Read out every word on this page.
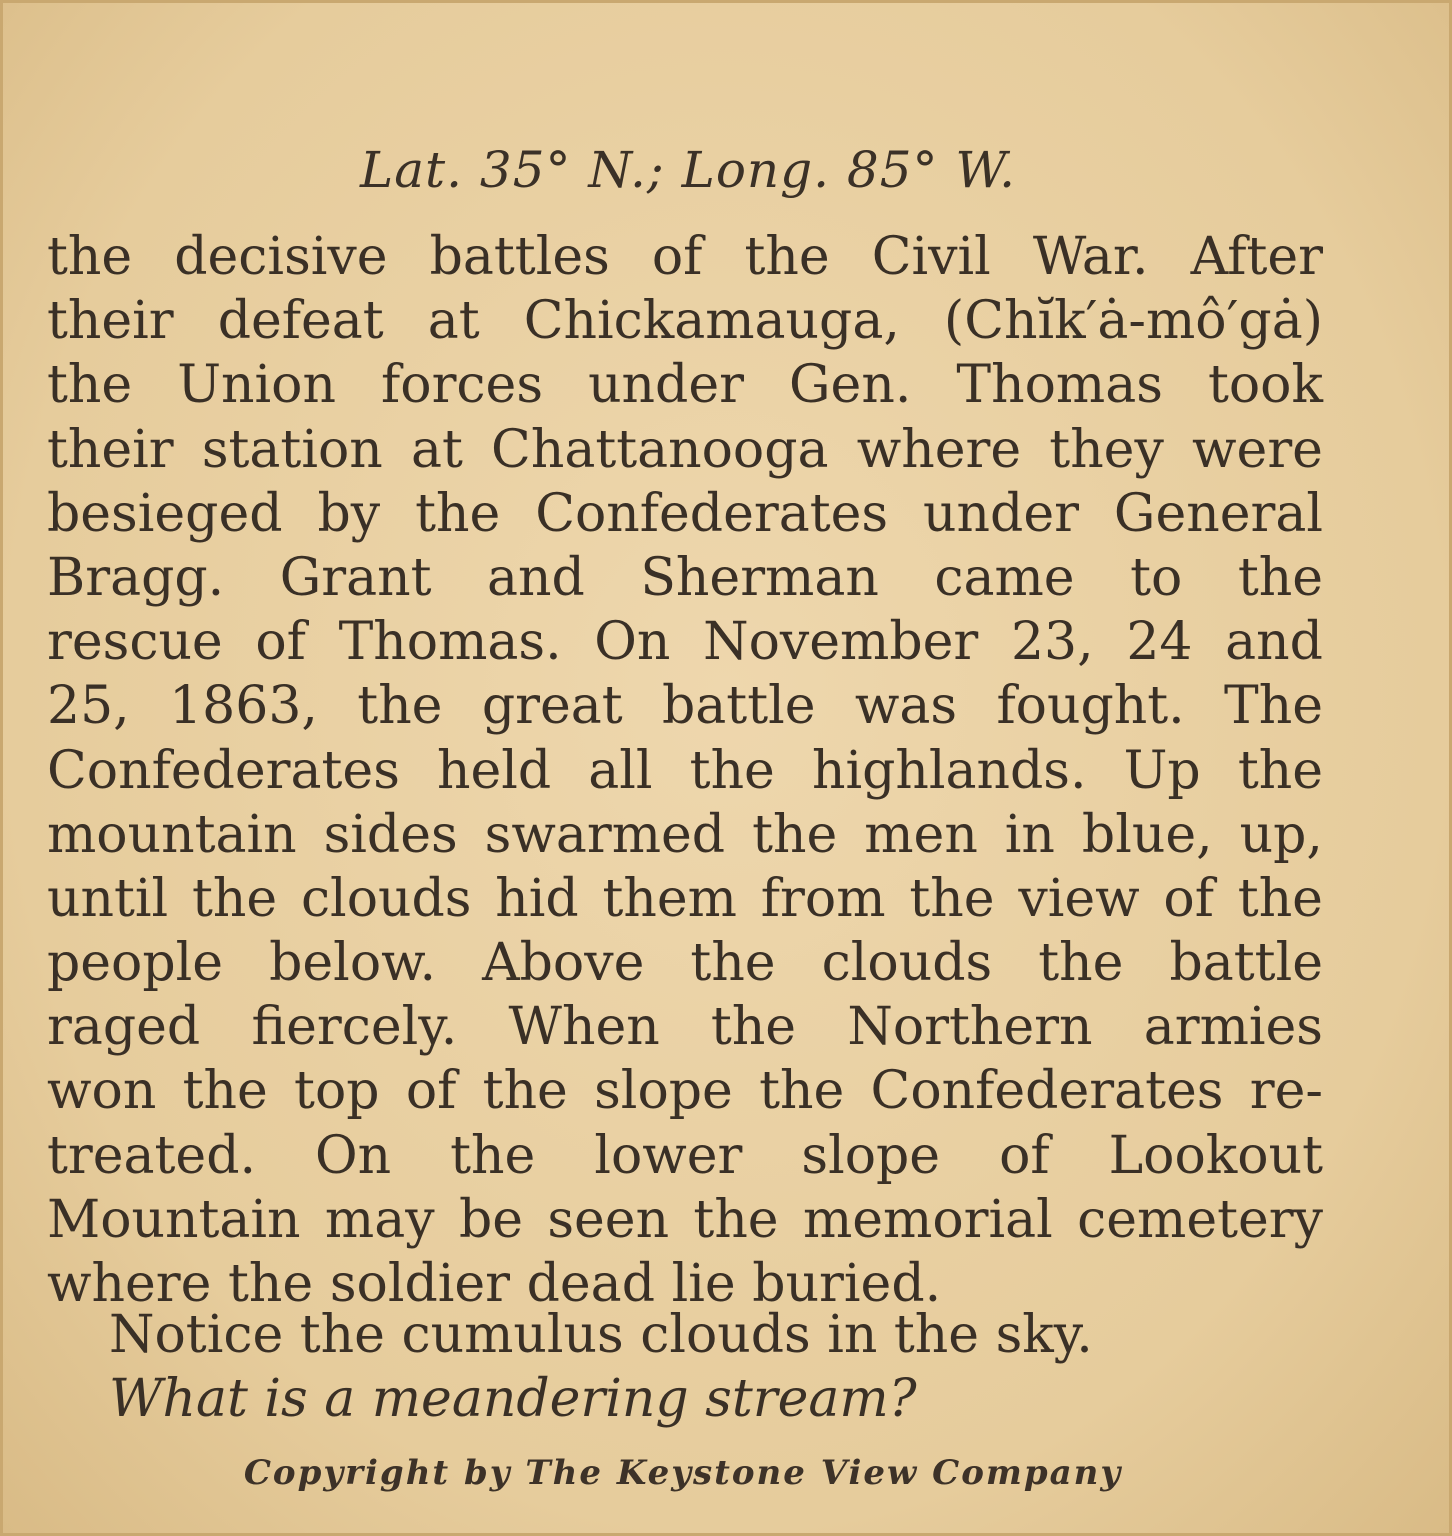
Lat. 35° N.; Long. 85° W.
the decisive battles of the Civil War. After
their defeat at Chickamauga, (Chĭk′ȧ-mô′gȧ)
the Union forces under Gen. Thomas took
their station at Chattanooga where they were
besieged by the Confederates under General
Bragg. Grant and Sherman came to the
rescue of Thomas. On November 23, 24 and
25, 1863, the great battle was fought. The
Confederates held all the highlands. Up the
mountain sides swarmed the men in blue, up,
until the clouds hid them from the view of the
people below. Above the clouds the battle
raged fiercely. When the Northern armies
won the top of the slope the Confederates re-
treated. On the lower slope of Lookout
Mountain may be seen the memorial cemetery
where the soldier dead lie buried.
Notice the cumulus clouds in the sky.
What is a meandering stream?
Copyright by The Keystone View Company
